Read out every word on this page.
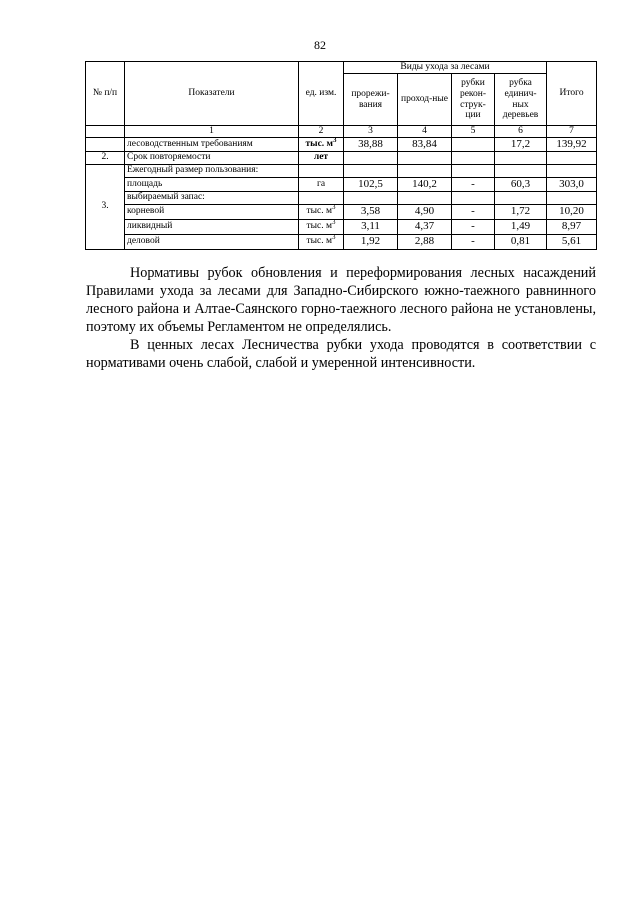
82
№ п/п	Показатели	ед. изм.	Виды ухода за лесами				Итого
			прорежи-вания	проход-ные	рубки рекон-струк-ции	рубка единич-ных деревьев	
	1	2	3	4	5	6	7
	лесоводственным требованиям	тыс. $м^3$	38,88	83,84		17,2	139,92
2.	Срок повторяемости	лет					
3.	Ежегодный размер пользования:						
	площадь	га	102,5	140,2	-	60,3	303,0
	выбираемый запас:						
	корневой	тыс. $м^3$	3,58	4,90	-	1,72	10,20
	ликвидный	тыс. $м^3$	3,11	4,37	-	1,49	8,97
	деловой	тыс. $м^3$	1,92	2,88	-	0,81	5,61

Нормативы рубок обновления и переформирования лесных насаждений Правилами ухода за лесами для Западно-Сибирского южно-таежного равнинного лесного района и Алтае-Саянского горно-таежного лесного района не установлены, поэтому их объемы Регламентом не определялись.

В ценных лесах Лесничества рубки ухода проводятся в соответствии с нормативами очень слабой, слабой и умеренной интенсивности.
